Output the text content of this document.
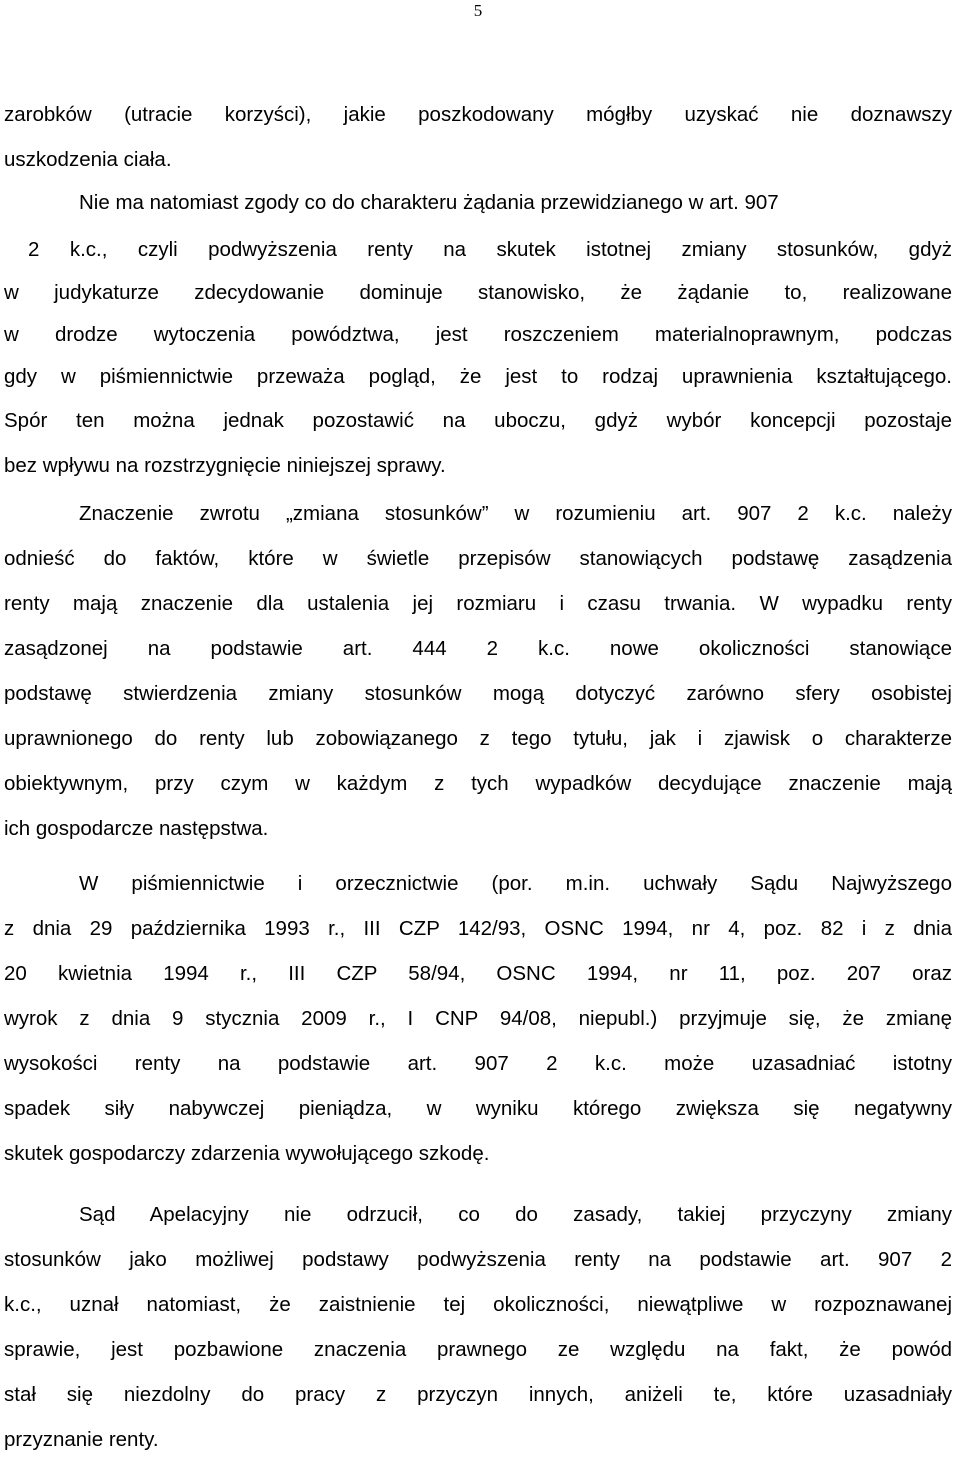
5
zarobków (utracie korzyści), jakie poszkodowany mógłby uzyskać nie doznawszy
uszkodzenia ciała.
Nie ma natomiast zgody co do charakteru żądania przewidzianego w art. 907
2 k.c., czyli podwyższenia renty na skutek istotnej zmiany stosunków, gdyż
w judykaturze zdecydowanie dominuje stanowisko, że żądanie to, realizowane
w drodze wytoczenia powództwa, jest roszczeniem materialnoprawnym, podczas
gdy w piśmiennictwie przeważa pogląd, że jest to rodzaj uprawnienia kształtującego.
Spór ten można jednak pozostawić na uboczu, gdyż wybór koncepcji pozostaje
bez wpływu na rozstrzygnięcie niniejszej sprawy.
Znaczenie zwrotu „zmiana stosunków” w rozumieniu art. 907 2 k.c. należy
odnieść do faktów, które w świetle przepisów stanowiących podstawę zasądzenia
renty mają znaczenie dla ustalenia jej rozmiaru i czasu trwania. W wypadku renty
zasądzonej na podstawie art. 444 2 k.c. nowe okoliczności stanowiące
podstawę stwierdzenia zmiany stosunków mogą dotyczyć zarówno sfery osobistej
uprawnionego do renty lub zobowiązanego z tego tytułu, jak i zjawisk o charakterze
obiektywnym, przy czym w każdym z tych wypadków decydujące znaczenie mają
ich gospodarcze następstwa.
W piśmiennictwie i orzecznictwie (por. m.in. uchwały Sądu Najwyższego
z dnia 29 października 1993 r., III CZP 142/93, OSNC 1994, nr 4, poz. 82 i z dnia
20 kwietnia 1994 r., III CZP 58/94, OSNC 1994, nr 11, poz. 207 oraz
wyrok z dnia 9 stycznia 2009 r., I CNP 94/08, niepubl.) przyjmuje się, że zmianę
wysokości renty na podstawie art. 907 2 k.c. może uzasadniać istotny
spadek siły nabywczej pieniądza, w wyniku którego zwiększa się negatywny
skutek gospodarczy zdarzenia wywołującego szkodę.
Sąd Apelacyjny nie odrzucił, co do zasady, takiej przyczyny zmiany
stosunków jako możliwej podstawy podwyższenia renty na podstawie art. 907 2
k.c., uznał natomiast, że zaistnienie tej okoliczności, niewątpliwe w rozpoznawanej
sprawie, jest pozbawione znaczenia prawnego ze względu na fakt, że powód
stał się niezdolny do pracy z przyczyn innych, aniżeli te, które uzasadniały
przyznanie renty.
